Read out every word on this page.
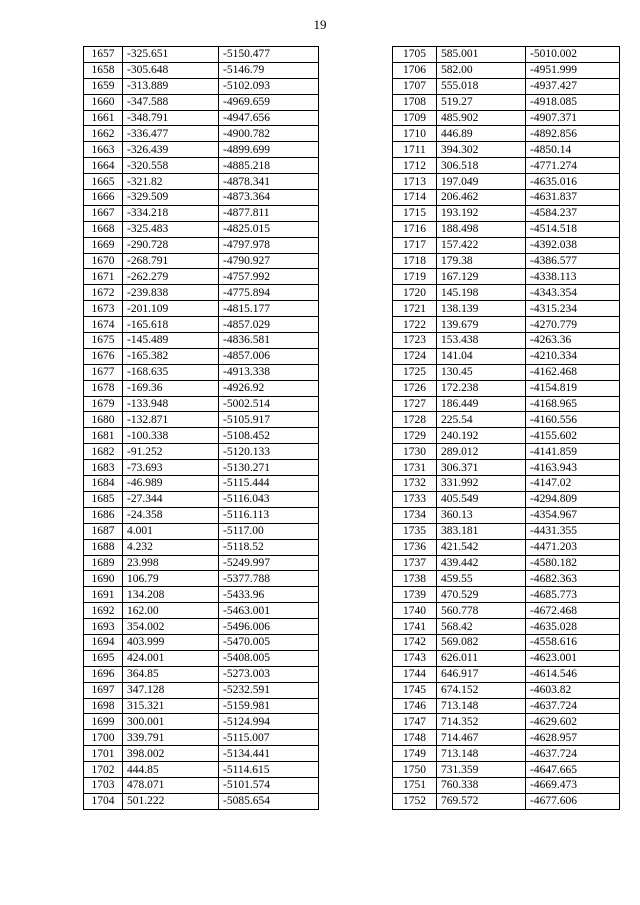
19
1657	-325.651	-5150.477
1658	-305.648	-5146.79
1659	-313.889	-5102.093
1660	-347.588	-4969.659
1661	-348.791	-4947.656
1662	-336.477	-4900.782
1663	-326.439	-4899.699
1664	-320.558	-4885.218
1665	-321.82	-4878.341
1666	-329.509	-4873.364
1667	-334.218	-4877.811
1668	-325.483	-4825.015
1669	-290.728	-4797.978
1670	-268.791	-4790.927
1671	-262.279	-4757.992
1672	-239.838	-4775.894
1673	-201.109	-4815.177
1674	-165.618	-4857.029
1675	-145.489	-4836.581
1676	-165.382	-4857.006
1677	-168.635	-4913.338
1678	-169.36	-4926.92
1679	-133.948	-5002.514
1680	-132.871	-5105.917
1681	-100.338	-5108.452
1682	-91.252	-5120.133
1683	-73.693	-5130.271
1684	-46.989	-5115.444
1685	-27.344	-5116.043
1686	-24.358	-5116.113
1687	4.001	-5117.00
1688	4.232	-5118.52
1689	23.998	-5249.997
1690	106.79	-5377.788
1691	134.208	-5433.96
1692	162.00	-5463.001
1693	354.002	-5496.006
1694	403.999	-5470.005
1695	424.001	-5408.005
1696	364.85	-5273.003
1697	347.128	-5232.591
1698	315.321	-5159.981
1699	300.001	-5124.994
1700	339.791	-5115.007
1701	398.002	-5134.441
1702	444.85	-5114.615
1703	478.071	-5101.574
1704	501.222	-5085.654
1705	585.001	-5010.002
1706	582.00	-4951.999
1707	555.018	-4937.427
1708	519.27	-4918.085
1709	485.902	-4907.371
1710	446.89	-4892.856
1711	394.302	-4850.14
1712	306.518	-4771.274
1713	197.049	-4635.016
1714	206.462	-4631.837
1715	193.192	-4584.237
1716	188.498	-4514.518
1717	157.422	-4392.038
1718	179.38	-4386.577
1719	167.129	-4338.113
1720	145.198	-4343.354
1721	138.139	-4315.234
1722	139.679	-4270.779
1723	153.438	-4263.36
1724	141.04	-4210.334
1725	130.45	-4162.468
1726	172.238	-4154.819
1727	186.449	-4168.965
1728	225.54	-4160.556
1729	240.192	-4155.602
1730	289.012	-4141.859
1731	306.371	-4163.943
1732	331.992	-4147.02
1733	405.549	-4294.809
1734	360.13	-4354.967
1735	383.181	-4431.355
1736	421.542	-4471.203
1737	439.442	-4580.182
1738	459.55	-4682.363
1739	470.529	-4685.773
1740	560.778	-4672.468
1741	568.42	-4635.028
1742	569.082	-4558.616
1743	626.011	-4623.001
1744	646.917	-4614.546
1745	674.152	-4603.82
1746	713.148	-4637.724
1747	714.352	-4629.602
1748	714.467	-4628.957
1749	713.148	-4637.724
1750	731.359	-4647.665
1751	760.338	-4669.473
1752	769.572	-4677.606
